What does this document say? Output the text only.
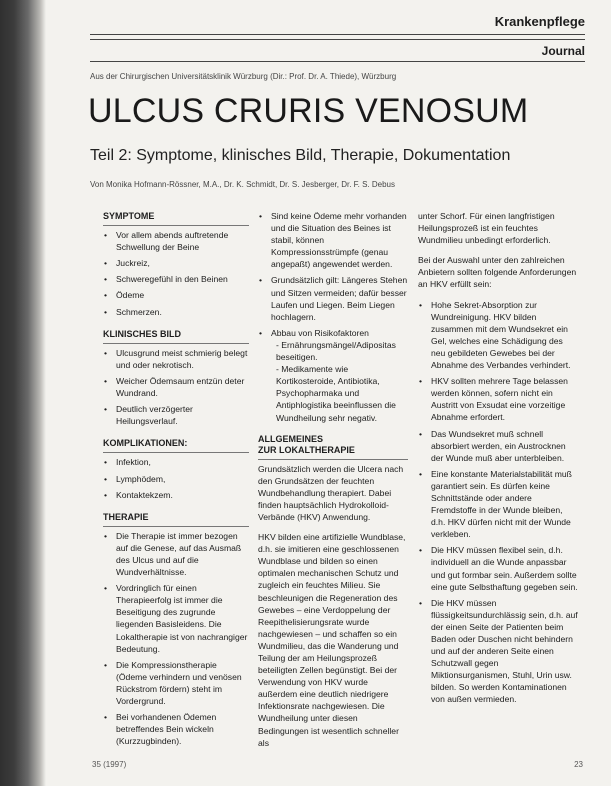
Krankenpflege
Journal
Aus der Chirurgischen Universitätsklinik Würzburg (Dir.: Prof. Dr. A. Thiede), Würzburg
ULCUS CRURIS VENOSUM
Teil 2: Symptome, klinisches Bild, Therapie, Dokumentation
Von Monika Hofmann-Rössner, M.A., Dr. K. Schmidt, Dr. S. Jesberger, Dr. F. S. Debus
SYMPTOME
• Vor allem abends auftretende Schwellung der Beine
• Juckreiz,
• Schweregefühl in den Beinen
• Ödeme
• Schmerzen.
KLINISCHES BILD
• Ulcusgrund meist schmierig belegt und oder nekrotisch.
• Weicher Ödemsaum entzün deter Wundrand.
• Deutlich verzögerter Heilungsverlauf.
KOMPLIKATIONEN:
• Infektion,
• Lymphödem,
• Kontaktekzem.
THERAPIE
• Die Therapie ist immer bezogen auf die Genese, auf das Ausmaß des Ulcus und auf die Wundverhältnisse.
• Vordringlich für einen Therapieerfolg ist immer die Beseitigung des zugrunde liegenden Basisleidens. Die Lokaltherapie ist von nachrangiger Bedeutung.
• Die Kompressionstherapie (Ödeme verhindern und venösen Rückstrom fördern) steht im Vordergrund.
• Bei vorhandenen Ödemen betreffendes Bein wickeln (Kurzzugbinden).
• Sind keine Ödeme mehr vorhanden und die Situation des Beines ist stabil, können Kompressionsstrümpfe (genau angepaßt) angewendet werden.
• Grundsätzlich gilt: Längeres Stehen und Sitzen vermeiden; dafür besser Laufen und Liegen. Beim Liegen hochlagern.
• Abbau von Risikofaktoren
- Ernährungsmängel/Adipositas beseitigen.
- Medikamente wie Kortikosteroide, Antibiotika, Psychopharmaka und Antiphlogistika beeinflussen die Wundheilung sehr negativ.
ALLGEMEINES
ZUR LOKALTHERAPIE

Grundsätzlich werden die Ulcera nach den Grundsätzen der feuchten Wundbehandlung therapiert. Dabei finden hauptsächlich Hydrokolloid-Verbände (HKV) Anwendung.

HKV bilden eine artifizielle Wundblase, d.h. sie imitieren eine geschlossenen Wundblase und bilden so einen optimalen mechanischen Schutz und zugleich ein feuchtes Milieu. Sie beschleunigen die Regeneration des Gewebes – eine Verdoppelung der Reepithelisierungsrate wurde nachgewiesen – und schaffen so ein Wundmilieu, das die Wanderung und Teilung der am Heilungsprozeß beteiligten Zellen begünstigt. Bei der Verwendung von HKV wurde außerdem eine deutlich niedrigere Infektionsrate nachgewiesen. Die Wundheilung unter diesen Bedingungen ist wesentlich schneller als

unter Schorf. Für einen langfristigen Heilungsprozeß ist ein feuchtes Wundmilieu unbedingt erforderlich.

Bei der Auswahl unter den zahlreichen Anbietern sollten folgende Anforderungen an HKV erfüllt sein:

• Hohe Sekret-Absorption zur Wundreinigung. HKV bilden zusammen mit dem Wundsekret ein Gel, welches eine Schädigung des neu gebildeten Gewebes bei der Abnahme des Verbandes verhindert.
• HKV sollten mehrere Tage belassen werden können, sofern nicht ein Austritt von Exsudat eine vorzeitige Abnahme erfordert.
• Das Wundsekret muß schnell absorbiert werden, ein Austrocknen der Wunde muß aber unterbleiben.
• Eine konstante Materialstabilität muß garantiert sein. Es dürfen keine Schnittstände oder andere Fremdstoffe in der Wunde bleiben, d.h. HKV dürfen nicht mit der Wunde verkleben.
• Die HKV müssen flexibel sein, d.h. individuell an die Wunde anpassbar und gut formbar sein. Außerdem sollte eine gute Selbsthaftung gegeben sein.
• Die HKV müssen flüssigkeitsundurchlässig sein, d.h. auf der einen Seite der Patienten beim Baden oder Duschen nicht behindern und auf der anderen Seite einen Schutzwall gegen Miktionsurganismen, Stuhl, Urin usw. bilden. So werden Kontaminationen von außen vermieden.
35 (1997)	23
